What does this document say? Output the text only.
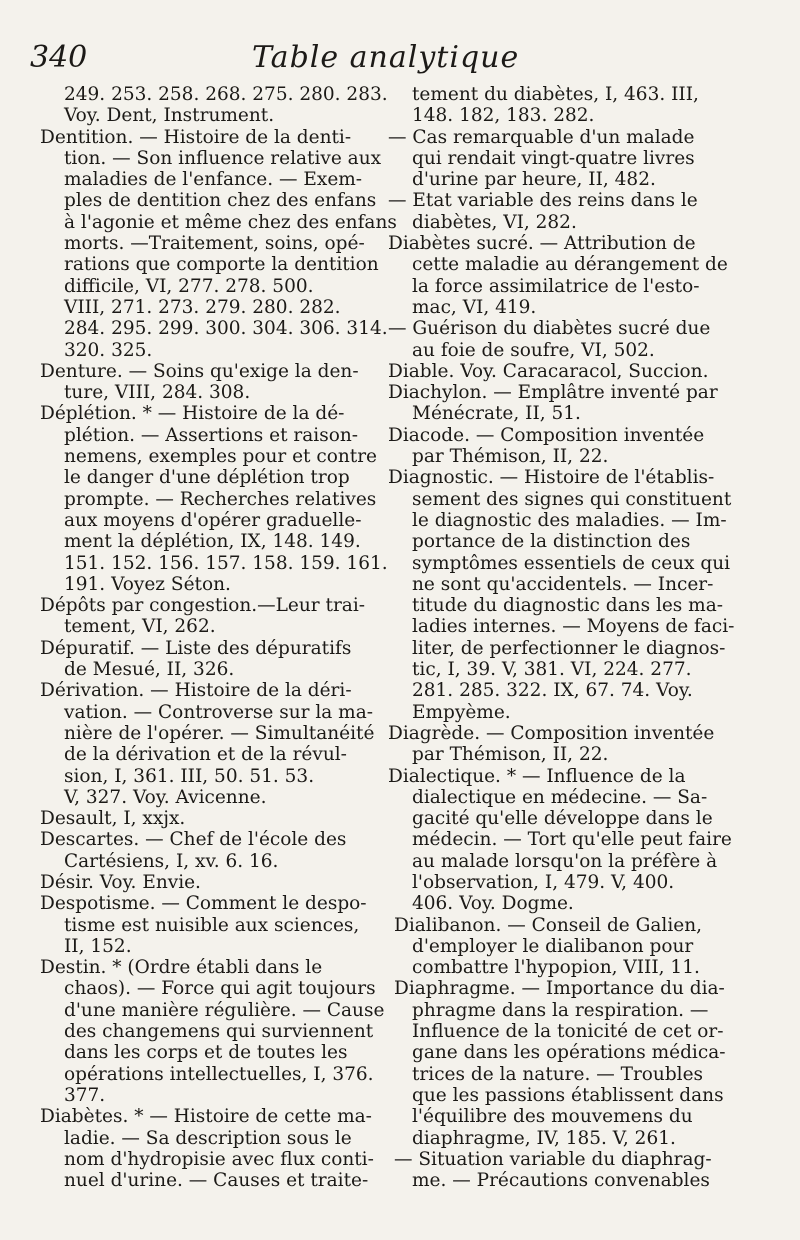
340	Table analytique
249. 253. 258. 268. 275. 280. 283.
Voy. Dent, Instrument.
Dentition. — Histoire de la denti-
tion. — Son influence relative aux
maladies de l'enfance. — Exem-
ples de dentition chez des enfans
à l'agonie et même chez des enfans
morts. —Traitement, soins, opé-
rations que comporte la dentition
difficile, VI, 277. 278. 500.
VIII, 271. 273. 279. 280. 282.
284. 295. 299. 300. 304. 306. 314.
320. 325.
Denture. — Soins qu'exige la den-
ture, VIII, 284. 308.
Déplétion. * — Histoire de la dé-
plétion. — Assertions et raison-
nemens, exemples pour et contre
le danger d'une déplétion trop
prompte. — Recherches relatives
aux moyens d'opérer graduelle-
ment la déplétion, IX, 148. 149.
151. 152. 156. 157. 158. 159. 161.
191. Voyez Séton.
Dépôts par congestion.—Leur trai-
tement, VI, 262.
Dépuratif. — Liste des dépuratifs
de Mesué, II, 326.
Dérivation. — Histoire de la déri-
vation. — Controverse sur la ma-
nière de l'opérer. — Simultanéité
de la dérivation et de la révul-
sion, I, 361. III, 50. 51. 53.
V, 327. Voy. Avicenne.
Desault, I, xxjx.
Descartes. — Chef de l'école des
Cartésiens, I, xv. 6. 16.
Désir. Voy. Envie.
Despotisme. — Comment le despo-
tisme est nuisible aux sciences,
II, 152.
Destin. * (Ordre établi dans le
chaos). — Force qui agit toujours
d'une manière régulière. — Cause
des changemens qui surviennent
dans les corps et de toutes les
opérations intellectuelles, I, 376.
377.
Diabètes. * — Histoire de cette ma-
ladie. — Sa description sous le
nom d'hydropisie avec flux conti-
nuel d'urine. — Causes et traite-
tement du diabètes, I, 463. III,
148. 182, 183. 282.
— Cas remarquable d'un malade
qui rendait vingt-quatre livres
d'urine par heure, II, 482.
— Etat variable des reins dans le
diabètes, VI, 282.
Diabètes sucré. — Attribution de
cette maladie au dérangement de
la force assimilatrice de l'esto-
mac, VI, 419.
— Guérison du diabètes sucré due
au foie de soufre, VI, 502.
Diable. Voy. Caracaracol, Succion.
Diachylon. — Emplâtre inventé par
Ménécrate, II, 51.
Diacode. — Composition inventée
par Thémison, II, 22.
Diagnostic. — Histoire de l'établis-
sement des signes qui constituent
le diagnostic des maladies. — Im-
portance de la distinction des
symptômes essentiels de ceux qui
ne sont qu'accidentels. — Incer-
titude du diagnostic dans les ma-
ladies internes. — Moyens de faci-
liter, de perfectionner le diagnos-
tic, I, 39. V, 381. VI, 224. 277.
281. 285. 322. IX, 67. 74. Voy.
Empyème.
Diagrède. — Composition inventée
par Thémison, II, 22.
Dialectique. * — Influence de la
dialectique en médecine. — Sa-
gacité qu'elle développe dans le
médecin. — Tort qu'elle peut faire
au malade lorsqu'on la préfère à
l'observation, I, 479. V, 400.
406. Voy. Dogme.
Dialibanon. — Conseil de Galien,
d'employer le dialibanon pour
combattre l'hypopion, VIII, 11.
Diaphragme. — Importance du dia-
phragme dans la respiration. —
Influence de la tonicité de cet or-
gane dans les opérations médica-
trices de la nature. — Troubles
que les passions établissent dans
l'équilibre des mouvemens du
diaphragme, IV, 185. V, 261.
— Situation variable du diaphrag-
me. — Précautions convenables
